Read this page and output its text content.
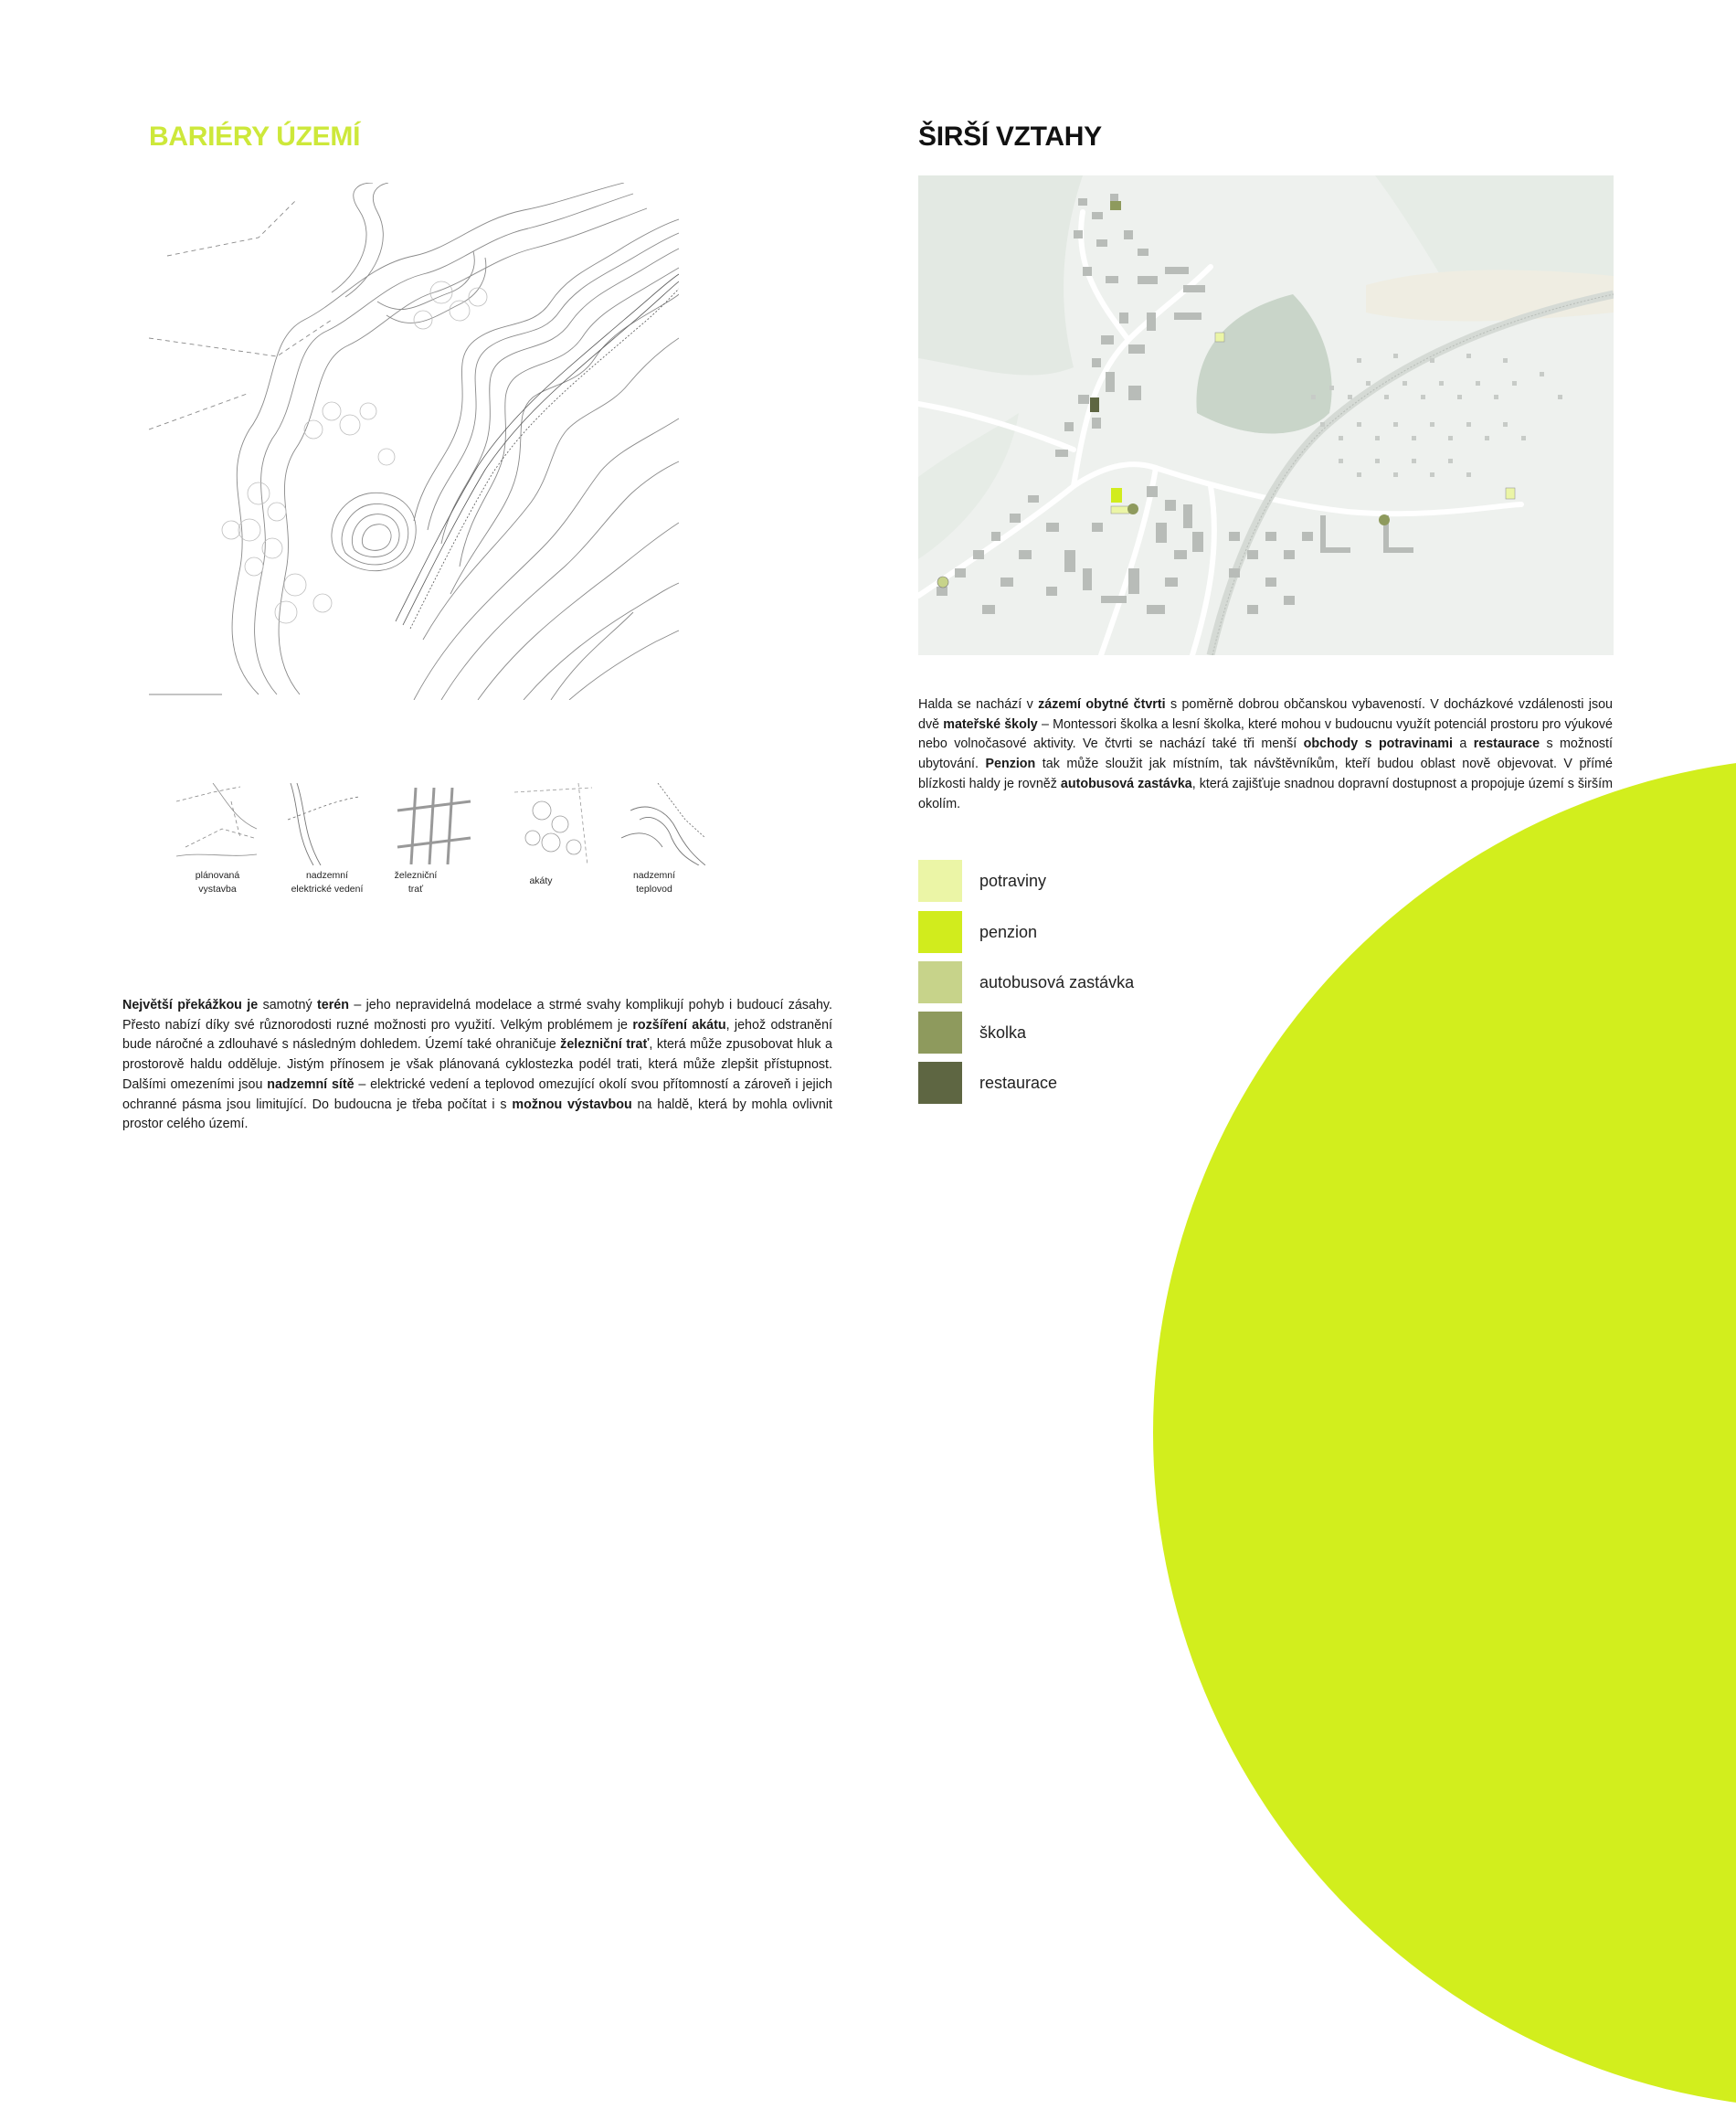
BARIÉRY ÚZEMÍ
plánovaná
vystavba
nadzemní
elektrické vedení
železniční
trať
akáty	nadzemní
teplovod

Největší překážkou je samotný terén – jeho nepravidelná modelace a strmé svahy komplikují pohyb i budoucí zásahy. Přesto nabízí díky své různorodosti ruzné možnosti pro využití. Velkým problémem je rozšíření akátu, jehož odstranění bude náročné a zdlouhavé s následným dohledem. Území také ohraničuje železniční trať, která může zpusobovat hluk a prostorově haldu odděluje. Jistým přínosem je však plánovaná cyklostezka podél trati, která může zlepšit přístupnost. Dalšími omezeními jsou nadzemní sítě – elektrické vedení a teplovod omezující okolí svou přítomností a zároveň i jejich ochranné pásma jsou limitující. Do budoucna je třeba počítat i s možnou výstavbou na haldě, která by mohla ovlivnit prostor celého území.

ŠIRŠÍ VZTAHY

Halda se nachází v zázemí obytné čtvrti s poměrně dobrou občanskou vybaveností. V docházkové vzdálenosti jsou dvě mateřské školy – Montessori školka a lesní školka, které mohou v budoucnu využít potenciál prostoru pro výukové nebo volnočasové aktivity. Ve čtvrti se nachází také tři menší obchody s potravinami a restaurace s možností ubytování. Penzion tak může sloužit jak místním, tak návštěvníkům, kteří budou oblast nově objevovat. V přímé blízkosti haldy je rovněž autobusová zastávka, která zajišťuje snadnou dopravní dostupnost a propojuje území s širším okolím.

potraviny
penzion
autobusová zastávka
školka
restaurace
